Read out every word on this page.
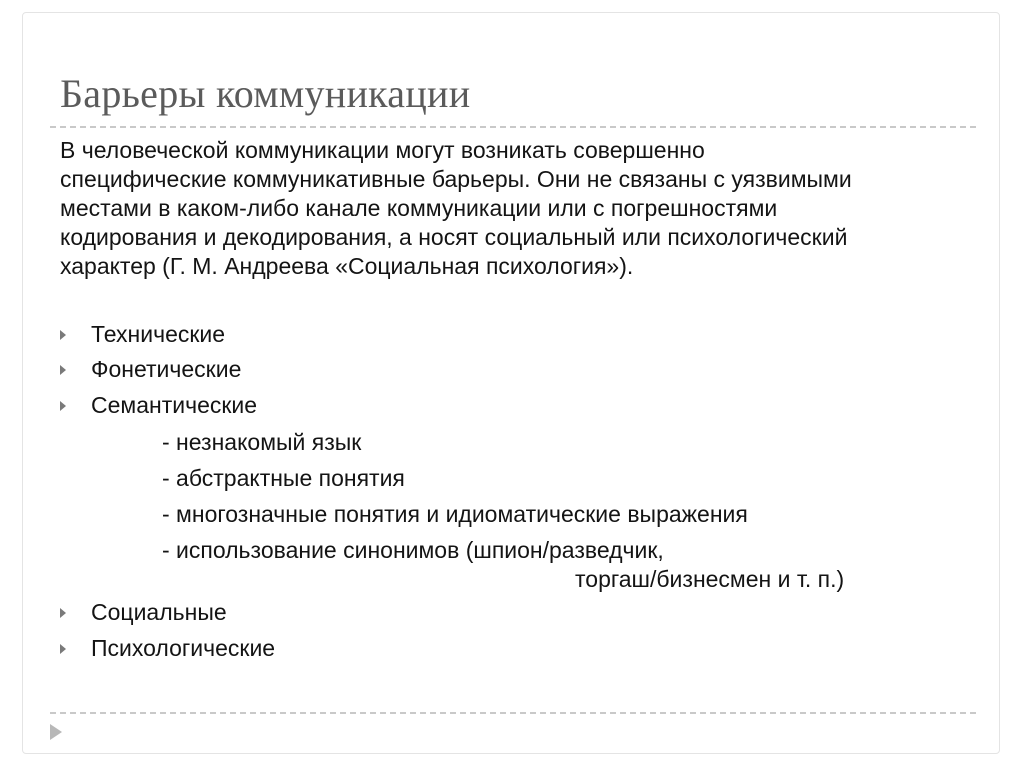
Барьеры коммуникации

В человеческой коммуникации могут возникать совершенно
специфические коммуникативные барьеры. Они не связаны с уязвимыми
местами в каком-либо канале коммуникации или с погрешностями
кодирования и декодирования, а носят социальный или психологический
характер (Г. М. Андреева «Социальная психология»).

Технические
Фонетические
Семантические
- незнакомый язык
- абстрактные понятия
- многозначные понятия и идиоматические выражения
- использование синонимов (шпион/разведчик,
торгаш/бизнесмен и т. п.)
Социальные
Психологические
